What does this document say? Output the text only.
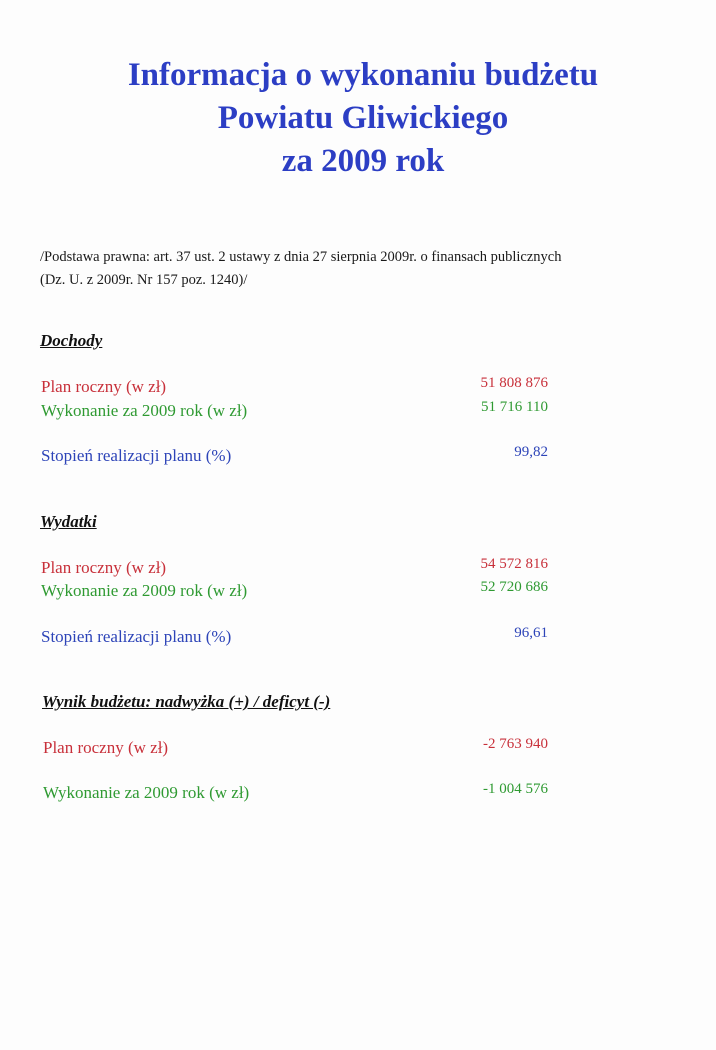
Informacja o wykonaniu budżetu
Powiatu Gliwickiego
za 2009 rok
/Podstawa prawna: art. 37 ust. 2 ustawy z dnia 27 sierpnia 2009r. o finansach publicznych
(Dz. U. z 2009r. Nr 157 poz. 1240)/
Dochody
Plan roczny (w zł)	51 808 876
Wykonanie za 2009 rok (w zł)	51 716 110
Stopień realizacji planu (%)	99,82
Wydatki
Plan roczny (w zł)	54 572 816
Wykonanie za 2009 rok (w zł)	52 720 686
Stopień realizacji planu (%)	96,61
Wynik budżetu: nadwyżka (+) / deficyt (-)
Plan roczny (w zł)	-2 763 940
Wykonanie za 2009 rok (w zł)	-1 004 576
